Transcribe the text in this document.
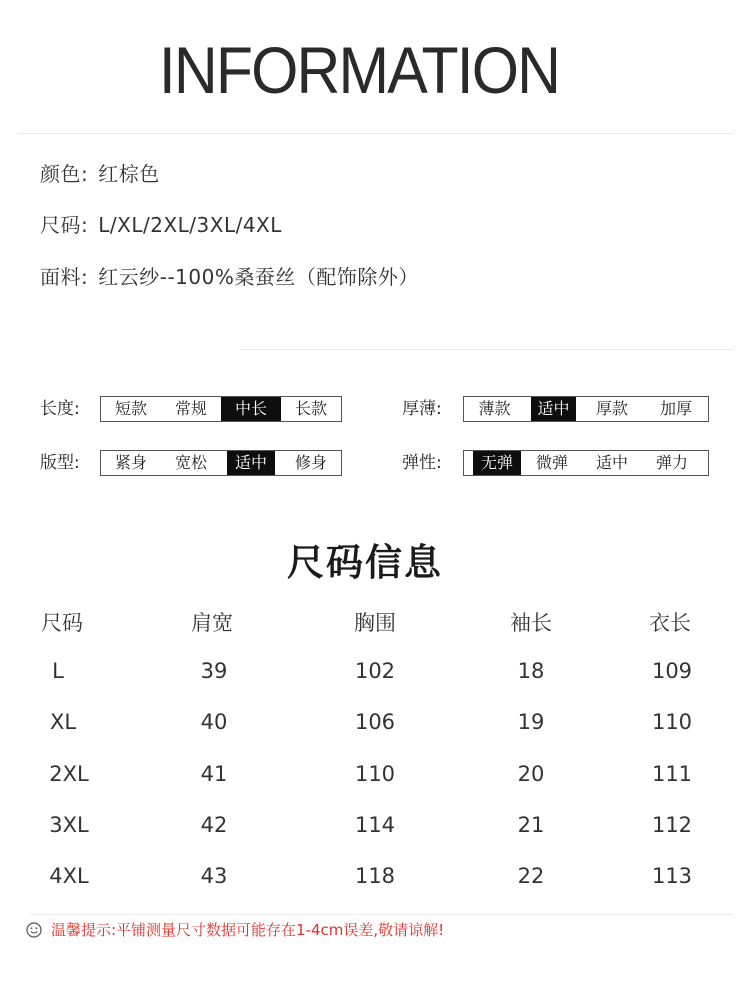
INFORMATION
颜色: 红棕色
尺码: L/XL/2XL/3XL/4XL
面料: 红云纱--100%桑蚕丝（配饰除外）
长度:	短款	常规	中长	长款	厚薄:	薄款	适中	厚款	加厚
版型:	紧身	宽松	适中	修身	弹性:	无弹	微弹	适中	弹力
尺码信息
尺码	肩宽	胸围	袖长	衣长
L	39	102	18	109
XL	40	106	19	110
2XL	41	110	20	111
3XL	42	114	21	112
4XL	43	118	22	113
温馨提示:平铺测量尺寸数据可能存在1-4cm误差,敬请谅解!
